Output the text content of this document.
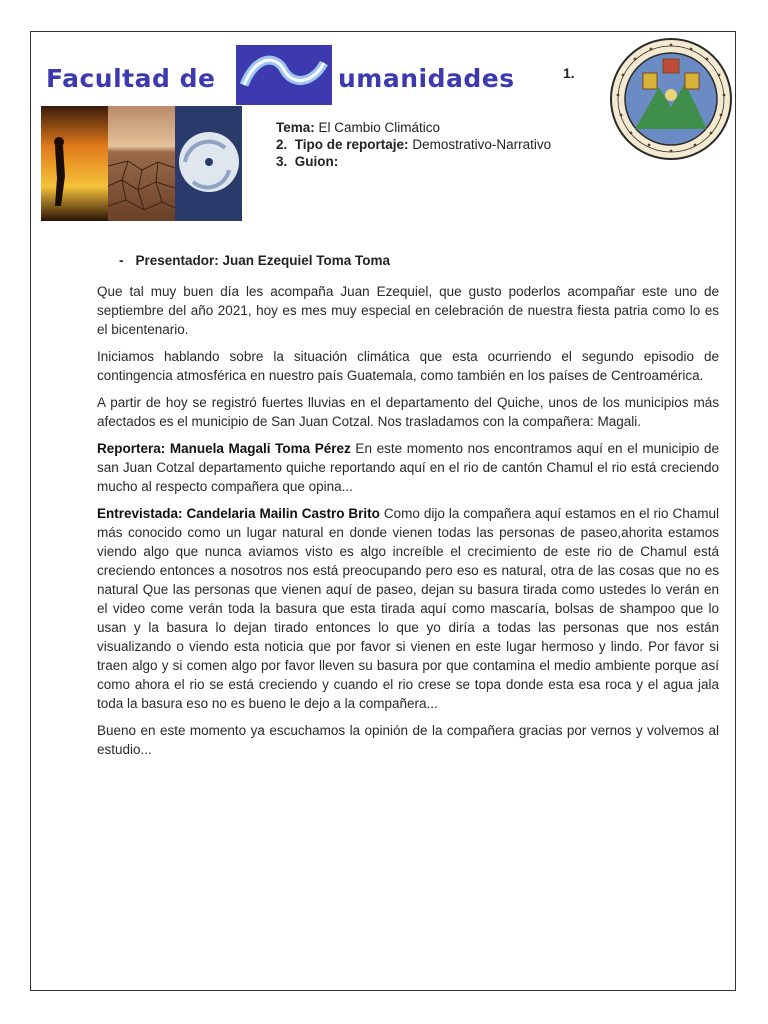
Facultad de	umanidades	1.
Tema: El Cambio Climático
2. Tipo de reportaje: Demostrativo-Narrativo
3. Guion:
- Presentador: Juan Ezequiel Toma Toma

Que tal muy buen día les acompaña Juan Ezequiel, que gusto poderlos acompañar este uno de septiembre del año 2021, hoy es mes muy especial en celebración de nuestra fiesta patria como lo es el bicentenario.

Iniciamos hablando sobre la situación climática que esta ocurriendo el segundo episodio de contingencia atmosférica en nuestro país Guatemala, como también en los países de Centroamérica.

A partir de hoy se registró fuertes lluvias en el departamento del Quiche, unos de los municipios más afectados es el municipio de San Juan Cotzal. Nos trasladamos con la compañera: Magali.

Reportera: Manuela Magali Toma Pérez En este momento nos encontramos aquí en el municipio de san Juan Cotzal departamento quiche reportando aquí en el rio de cantón Chamul el rio está creciendo mucho al respecto compañera que opina...

Entrevistada: Candelaria Mailin Castro Brito Como dijo la compañera aquí estamos en el rio Chamul más conocido como un lugar natural en donde vienen todas las personas de paseo,ahorita estamos viendo algo que nunca aviamos visto es algo increíble el crecimiento de este rio de Chamul está creciendo entonces a nosotros nos está preocupando pero eso es natural, otra de las cosas que no es natural Que las personas que vienen aquí de paseo, dejan su basura tirada como ustedes lo verán en el video come verán toda la basura que esta tirada aquí como mascaría, bolsas de shampoo que lo usan y la basura lo dejan tirado entonces lo que yo diría a todas las personas que nos están visualizando o viendo esta noticia que por favor si vienen en este lugar hermoso y lindo. Por favor si traen algo y si comen algo por favor lleven su basura por que contamina el medio ambiente porque así como ahora el rio se está creciendo y cuando el rio crese se topa donde esta esa roca y el agua jala toda la basura eso no es bueno le dejo a la compañera...

Bueno en este momento ya escuchamos la opinión de la compañera gracias por vernos y volvemos al estudio...
